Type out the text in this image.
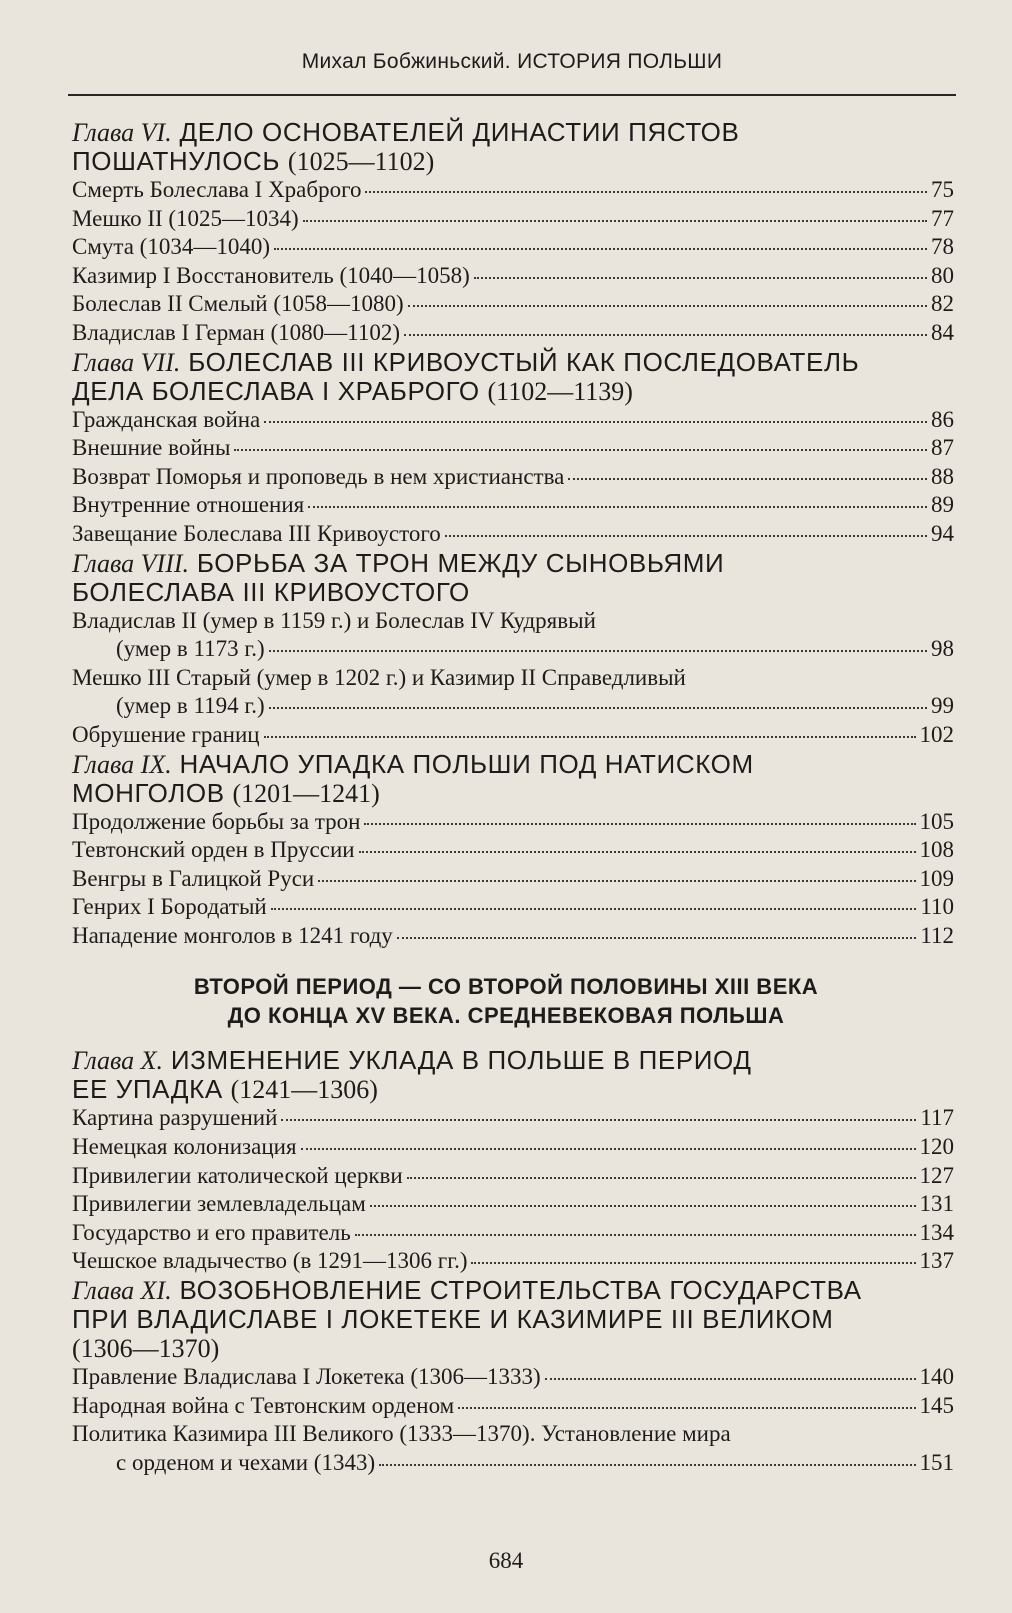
Михал Бобжиньский. ИСТОРИЯ ПОЛЬШИ
Глава VI. ДЕЛО ОСНОВАТЕЛЕЙ ДИНАСТИИ ПЯСТОВ
ПОШАТНУЛОСЬ (1025—1102)
Смерть Болеслава I Храброго	75
Мешко II (1025—1034)	77
Смута (1034—1040)	78
Казимир I Восстановитель (1040—1058)	80
Болеслав II Смелый (1058—1080)	82
Владислав I Герман (1080—1102)	84
Глава VII. БОЛЕСЛАВ III КРИВОУСТЫЙ КАК ПОСЛЕДОВАТЕЛЬ
ДЕЛА БОЛЕСЛАВА I ХРАБРОГО (1102—1139)
Гражданская война	86
Внешние войны	87
Возврат Поморья и проповедь в нем христианства	88
Внутренние отношения	89
Завещание Болеслава III Кривоустого	94
Глава VIII. БОРЬБА ЗА ТРОН МЕЖДУ СЫНОВЬЯМИ
БОЛЕСЛАВА III КРИВОУСТОГО
Владислав II (умер в 1159 г.) и Болеслав IV Кудрявый
(умер в 1173 г.)	98
Мешко III Старый (умер в 1202 г.) и Казимир II Справедливый
(умер в 1194 г.)	99
Обрушение границ	102
Глава IX. НАЧАЛО УПАДКА ПОЛЬШИ ПОД НАТИСКОМ
МОНГОЛОВ (1201—1241)
Продолжение борьбы за трон	105
Тевтонский орден в Пруссии	108
Венгры в Галицкой Руси	109
Генрих I Бородатый	110
Нападение монголов в 1241 году	112
ВТОРОЙ ПЕРИОД — СО ВТОРОЙ ПОЛОВИНЫ XIII ВЕКА
ДО КОНЦА XV ВЕКА. СРЕДНЕВЕКОВАЯ ПОЛЬША
Глава X. ИЗМЕНЕНИЕ УКЛАДА В ПОЛЬШЕ В ПЕРИОД
ЕЕ УПАДКА (1241—1306)
Картина разрушений	117
Немецкая колонизация	120
Привилегии католической церкви	127
Привилегии землевладельцам	131
Государство и его правитель	134
Чешское владычество (в 1291—1306 гг.)	137
Глава XI. ВОЗОБНОВЛЕНИЕ СТРОИТЕЛЬСТВА ГОСУДАРСТВА
ПРИ ВЛАДИСЛАВЕ I ЛОКЕТЕКЕ И КАЗИМИРЕ III ВЕЛИКОМ
(1306—1370)
Правление Владислава I Локетека (1306—1333)	140
Народная война с Тевтонским орденом	145
Политика Казимира III Великого (1333—1370). Установление мира
с орденом и чехами (1343)	151
684
